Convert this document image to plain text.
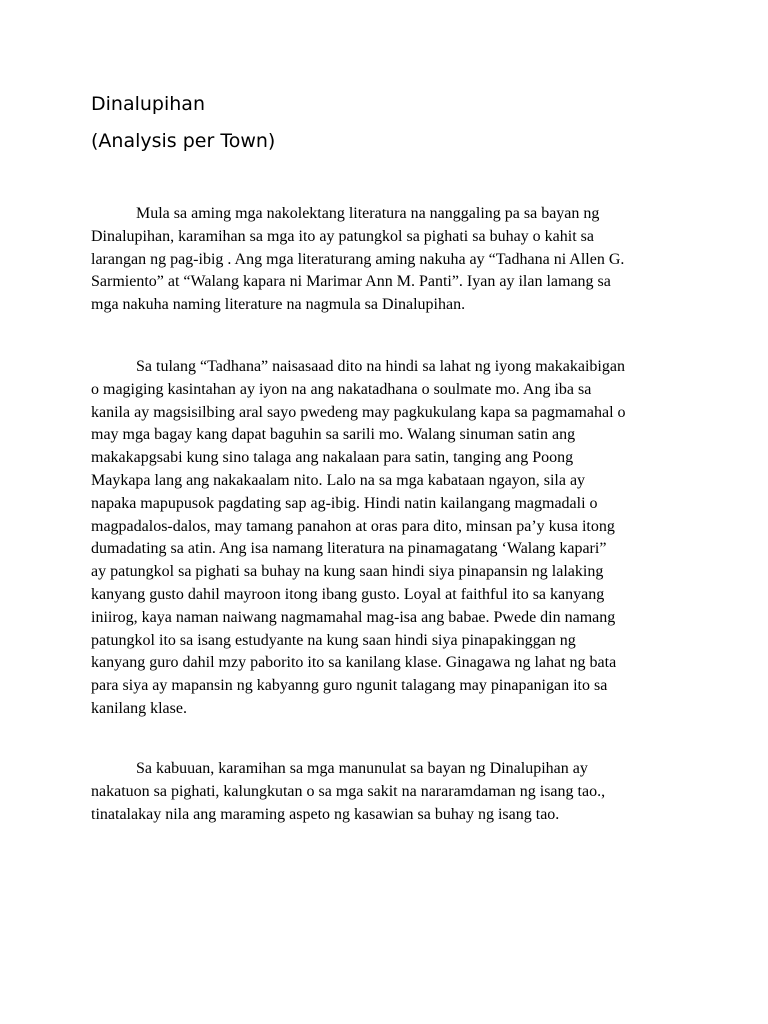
Dinalupihan
(Analysis per Town)

Mula sa aming mga nakolektang literatura na nanggaling pa sa bayan ng
Dinalupihan, karamihan sa mga ito ay patungkol sa pighati sa buhay o kahit sa
larangan ng pag-ibig . Ang mga literaturang aming nakuha ay “Tadhana ni Allen G.
Sarmiento” at “Walang kapara ni Marimar Ann M. Panti”. Iyan ay ilan lamang sa
mga nakuha naming literature na nagmula sa Dinalupihan.

Sa tulang “Tadhana” naisasaad dito na hindi sa lahat ng iyong makakaibigan
o magiging kasintahan ay iyon na ang nakatadhana o soulmate mo. Ang iba sa
kanila ay magsisilbing aral sayo pwedeng may pagkukulang kapa sa pagmamahal o
may mga bagay kang dapat baguhin sa sarili mo. Walang sinuman satin ang
makakapgsabi kung sino talaga ang nakalaan para satin, tanging ang Poong
Maykapa lang ang nakakaalam nito. Lalo na sa mga kabataan ngayon, sila ay
napaka mapupusok pagdating sap ag-ibig. Hindi natin kailangang magmadali o
magpadalos-dalos, may tamang panahon at oras para dito, minsan pa’y kusa itong
dumadating sa atin. Ang isa namang literatura na pinamagatang ‘Walang kapari”
ay patungkol sa pighati sa buhay na kung saan hindi siya pinapansin ng lalaking
kanyang gusto dahil mayroon itong ibang gusto. Loyal at faithful ito sa kanyang
iniirog, kaya naman naiwang nagmamahal mag-isa ang babae. Pwede din namang
patungkol ito sa isang estudyante na kung saan hindi siya pinapakinggan ng
kanyang guro dahil mzy paborito ito sa kanilang klase. Ginagawa ng lahat ng bata
para siya ay mapansin ng kabyanng guro ngunit talagang may pinapanigan ito sa
kanilang klase.

Sa kabuuan, karamihan sa mga manunulat sa bayan ng Dinalupihan ay
nakatuon sa pighati, kalungkutan o sa mga sakit na nararamdaman ng isang tao.,
tinatalakay nila ang maraming aspeto ng kasawian sa buhay ng isang tao.
